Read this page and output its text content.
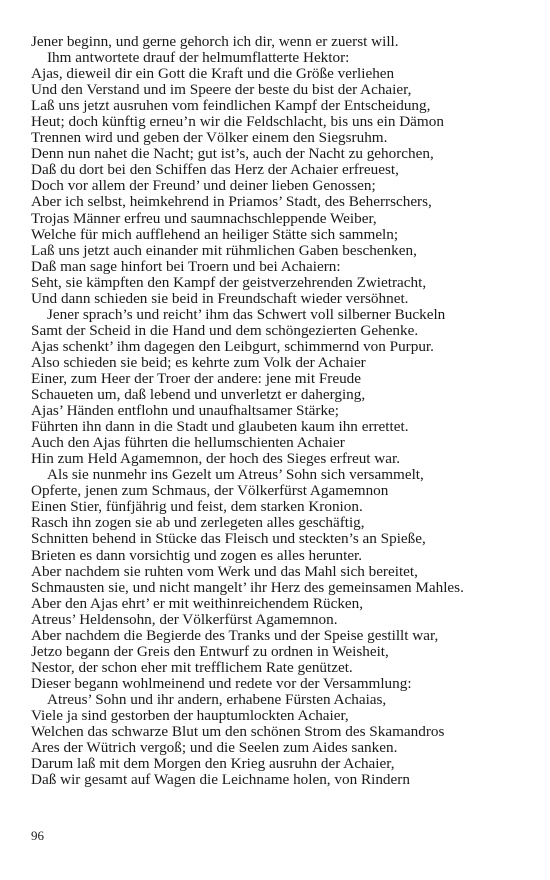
Jener beginn, und gerne gehorch ich dir, wenn er zuerst will.
Ihm antwortete drauf der helmumflatterte Hektor:
Ajas, dieweil dir ein Gott die Kraft und die Größe verliehen
Und den Verstand und im Speere der beste du bist der Achaier,
Laß uns jetzt ausruhen vom feindlichen Kampf der Entscheidung,
Heut; doch künftig erneu’n wir die Feldschlacht, bis uns ein Dämon
Trennen wird und geben der Völker einem den Siegsruhm.
Denn nun nahet die Nacht; gut ist’s, auch der Nacht zu gehorchen,
Daß du dort bei den Schiffen das Herz der Achaier erfreuest,
Doch vor allem der Freund’ und deiner lieben Genossen;
Aber ich selbst, heimkehrend in Priamos’ Stadt, des Beherrschers,
Trojas Männer erfreu und saumnachschleppende Weiber,
Welche für mich aufflehend an heiliger Stätte sich sammeln;
Laß uns jetzt auch einander mit rühmlichen Gaben beschenken,
Daß man sage hinfort bei Troern und bei Achaiern:
Seht, sie kämpften den Kampf der geistverzehrenden Zwietracht,
Und dann schieden sie beid in Freundschaft wieder versöhnet.
Jener sprach’s und reicht’ ihm das Schwert voll silberner Buckeln
Samt der Scheid in die Hand und dem schöngezierten Gehenke.
Ajas schenkt’ ihm dagegen den Leibgurt, schimmernd von Purpur.
Also schieden sie beid; es kehrte zum Volk der Achaier
Einer, zum Heer der Troer der andere: jene mit Freude
Schaueten um, daß lebend und unverletzt er daherging,
Ajas’ Händen entflohn und unaufhaltsamer Stärke;
Führten ihn dann in die Stadt und glaubeten kaum ihn errettet.
Auch den Ajas führten die hellumschienten Achaier
Hin zum Held Agamemnon, der hoch des Sieges erfreut war.
Als sie nunmehr ins Gezelt um Atreus’ Sohn sich versammelt,
Opferte, jenen zum Schmaus, der Völkerfürst Agamemnon
Einen Stier, fünfjährig und feist, dem starken Kronion.
Rasch ihn zogen sie ab und zerlegeten alles geschäftig,
Schnitten behend in Stücke das Fleisch und steckten’s an Spieße,
Brieten es dann vorsichtig und zogen es alles herunter.
Aber nachdem sie ruhten vom Werk und das Mahl sich bereitet,
Schmausten sie, und nicht mangelt’ ihr Herz des gemeinsamen Mahles.
Aber den Ajas ehrt’ er mit weithinreichendem Rücken,
Atreus’ Heldensohn, der Völkerfürst Agamemnon.
Aber nachdem die Begierde des Tranks und der Speise gestillt war,
Jetzo begann der Greis den Entwurf zu ordnen in Weisheit,
Nestor, der schon eher mit trefflichem Rate genützet.
Dieser begann wohlmeinend und redete vor der Versammlung:
Atreus’ Sohn und ihr andern, erhabene Fürsten Achaias,
Viele ja sind gestorben der hauptumlockten Achaier,
Welchen das schwarze Blut um den schönen Strom des Skamandros
Ares der Wütrich vergoß; und die Seelen zum Aides sanken.
Darum laß mit dem Morgen den Krieg ausruhn der Achaier,
Daß wir gesamt auf Wagen die Leichname holen, von Rindern
96
